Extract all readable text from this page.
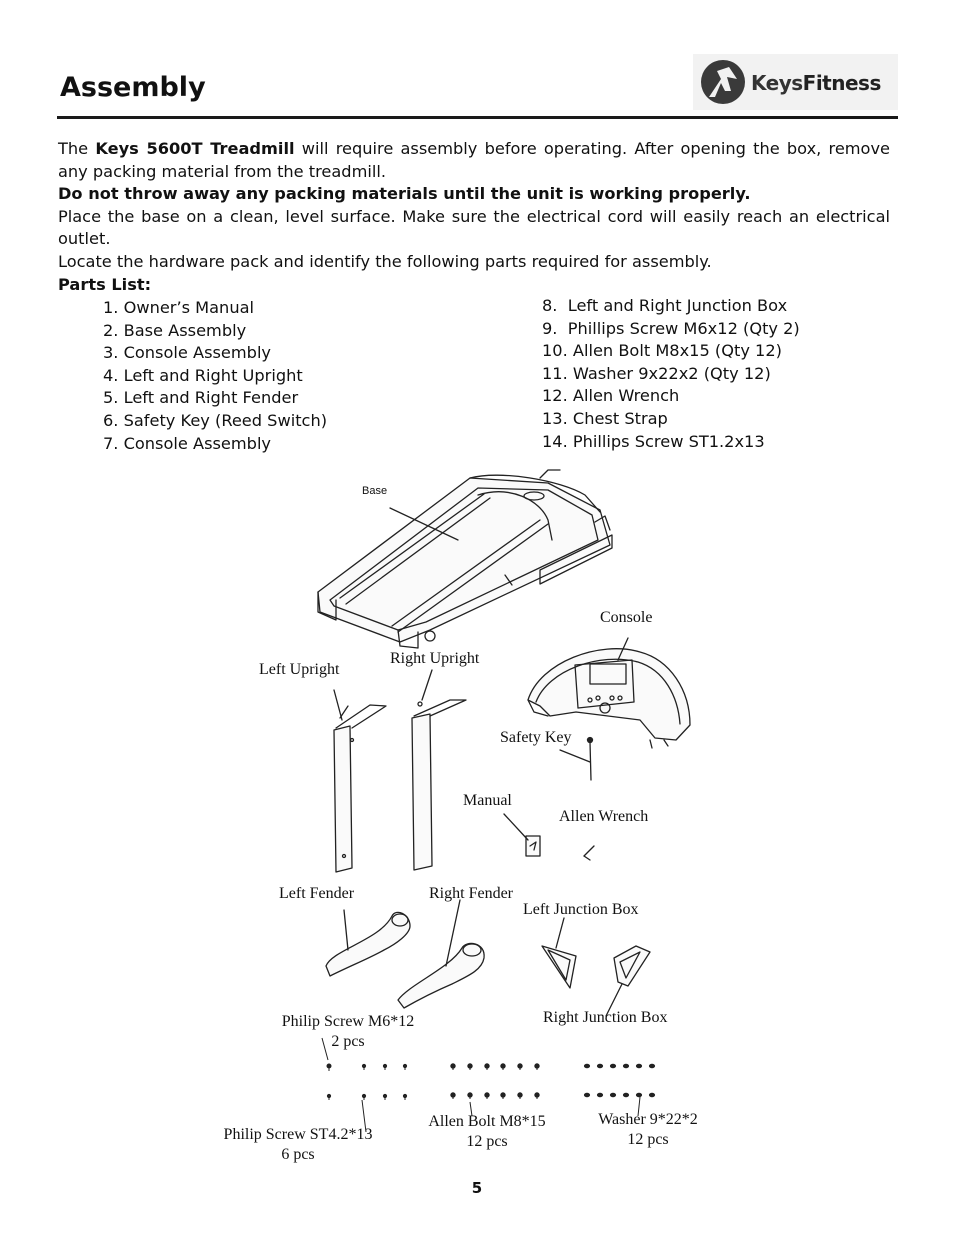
Assembly	KeysFitness

The Keys 5600T Treadmill will require assembly before operating. After opening the box, remove any packing material from the treadmill.

Do not throw away any packing materials until the unit is working properly.

Place the base on a clean, level surface. Make sure the electrical cord will easily reach an electrical outlet.

Locate the hardware pack and identify the following parts required for assembly.

Parts List:

1. Owner’s Manual
2. Base Assembly
3. Console Assembly
4. Left and Right Upright
5. Left and Right Fender
6. Safety Key (Reed Switch)
7. Console Assembly
8.  Left and Right Junction Box
9.  Phillips Screw M6x12 (Qty 2)
10. Allen Bolt M8x15 (Qty 12)
11. Washer 9x22x2 (Qty 12)
12. Allen Wrench
13. Chest Strap
14. Phillips Screw ST1.2x13
Base
Console
Left Upright
Right Upright
Safety Key
Manual
Allen Wrench
Left Fender	Right Fender
Left Junction Box
Right Junction Box
Philip Screw M6*12
2 pcs
Philip Screw ST4.2*13
6 pcs
Allen Bolt M8*15
12 pcs
Washer 9*22*2
12 pcs
5
